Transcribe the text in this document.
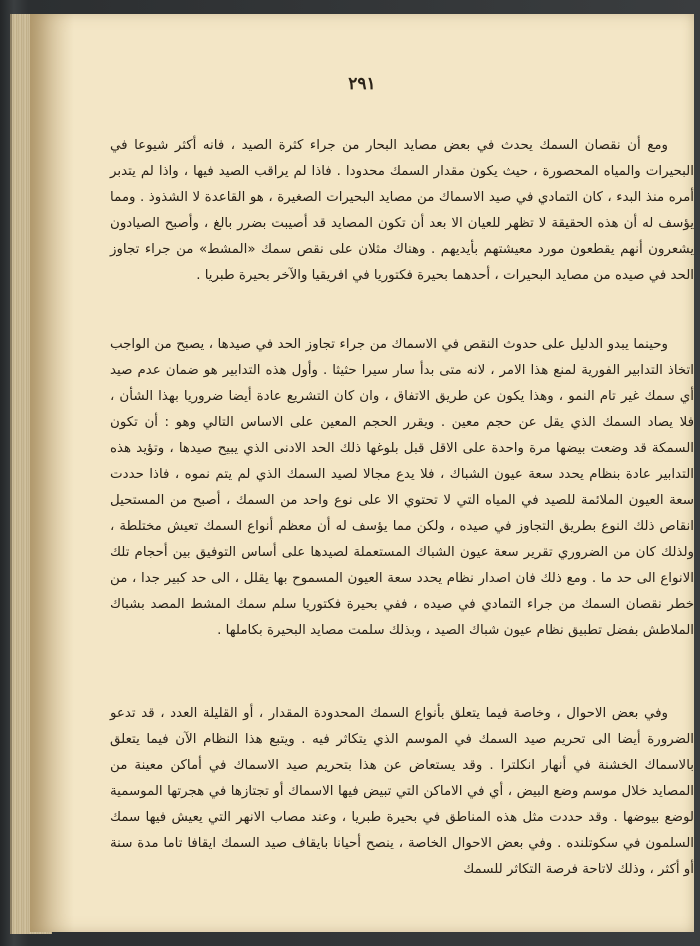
٢٩١

ومع أن نقصان السمك يحدث في بعض مصايد البحار من جراء كثرة الصيد ، فانه أكثر شيوعا في البحيرات والمياه المحصورة ، حيث يكون مقدار السمك محدودا . فاذا لم يراقب الصيد فيها ، واذا لم يتدبر أمره منذ البدء ، كان التمادي في صيد الاسماك من مصايد البحيرات الصغيرة ، هو القاعدة لا الشذوذ . ومما يؤسف له أن هذه الحقيقة لا تظهر للعيان الا بعد أن تكون المصايد قد أصيبت بضرر بالغ ، وأصبح الصيادون يشعرون أنهم يقطعون مورد معيشتهم بأيديهم . وهناك مثلان على نقص سمك «المشط» من جراء تجاوز الحد في صيده من مصايد البحيرات ، أحدهما بحيرة فكتوريا في افريقيا والآخر بحيرة طبريا .

وحينما يبدو الدليل على حدوث النقص في الاسماك من جراء تجاوز الحد في صيدها ، يصبح من الواجب اتخاذ التدابير الفورية لمنع هذا الامر ، لانه متى بدأ سار سيرا حثيثا . وأول هذه التدابير هو ضمان عدم صيد أي سمك غير تام النمو ، وهذا يكون عن طريق الاتفاق ، وان كان التشريع عادة أيضا ضروريا بهذا الشأن ، فلا يصاد السمك الذي يقل عن حجم معين . ويقرر الحجم المعين على الاساس التالي وهو : أن تكون السمكة قد وضعت بيضها مرة واحدة على الاقل قبل بلوغها ذلك الحد الادنى الذي يبيح صيدها ، وتؤيد هذه التدابير عادة بنظام يحدد سعة عيون الشباك ، فلا يدع مجالا لصيد السمك الذي لم يتم نموه ، فاذا حددت سعة العيون الملائمة للصيد في المياه التي لا تحتوي الا على نوع واحد من السمك ، أصبح من المستحيل انقاص ذلك النوع بطريق التجاوز في صيده ، ولكن مما يؤسف له أن معظم أنواع السمك تعيش مختلطة ، ولذلك كان من الضروري تقرير سعة عيون الشباك المستعملة لصيدها على أساس التوفيق بين أحجام تلك الانواع الى حد ما . ومع ذلك فان اصدار نظام يحدد سعة العيون المسموح بها يقلل ، الى حد كبير جدا ، من خطر نقصان السمك من جراء التمادي في صيده ، ففي بحيرة فكتوريا سلم سمك المشط المصد بشباك الملاطش بفضل تطبيق نظام عيون شباك الصيد ، وبذلك سلمت مصايد البحيرة بكاملها .

وفي بعض الاحوال ، وخاصة فيما يتعلق بأنواع السمك المحدودة المقدار ، أو القليلة العدد ، قد تدعو الضرورة أيضا الى تحريم صيد السمك في الموسم الذي يتكاثر فيه . ويتبع هذا النظام الآن فيما يتعلق بالاسماك الخشنة في أنهار انكلترا . وقد يستعاض عن هذا بتحريم صيد الاسماك في أماكن معينة من المصايد خلال موسم وضع البيض ، أي في الاماكن التي تبيض فيها الاسماك أو تجتازها في هجرتها الموسمية لوضع بيوضها . وقد حددت مثل هذه المناطق في بحيرة طبريا ، وعند مصاب الانهر التي يعيش فيها سمك السلمون في سكوتلنده . وفي بعض الاحوال الخاصة ، ينصح أحيانا بايقاف صيد السمك ايقافا تاما مدة سنة أو أكثر ، وذلك لاتاحة فرصة التكاثر للسمك
